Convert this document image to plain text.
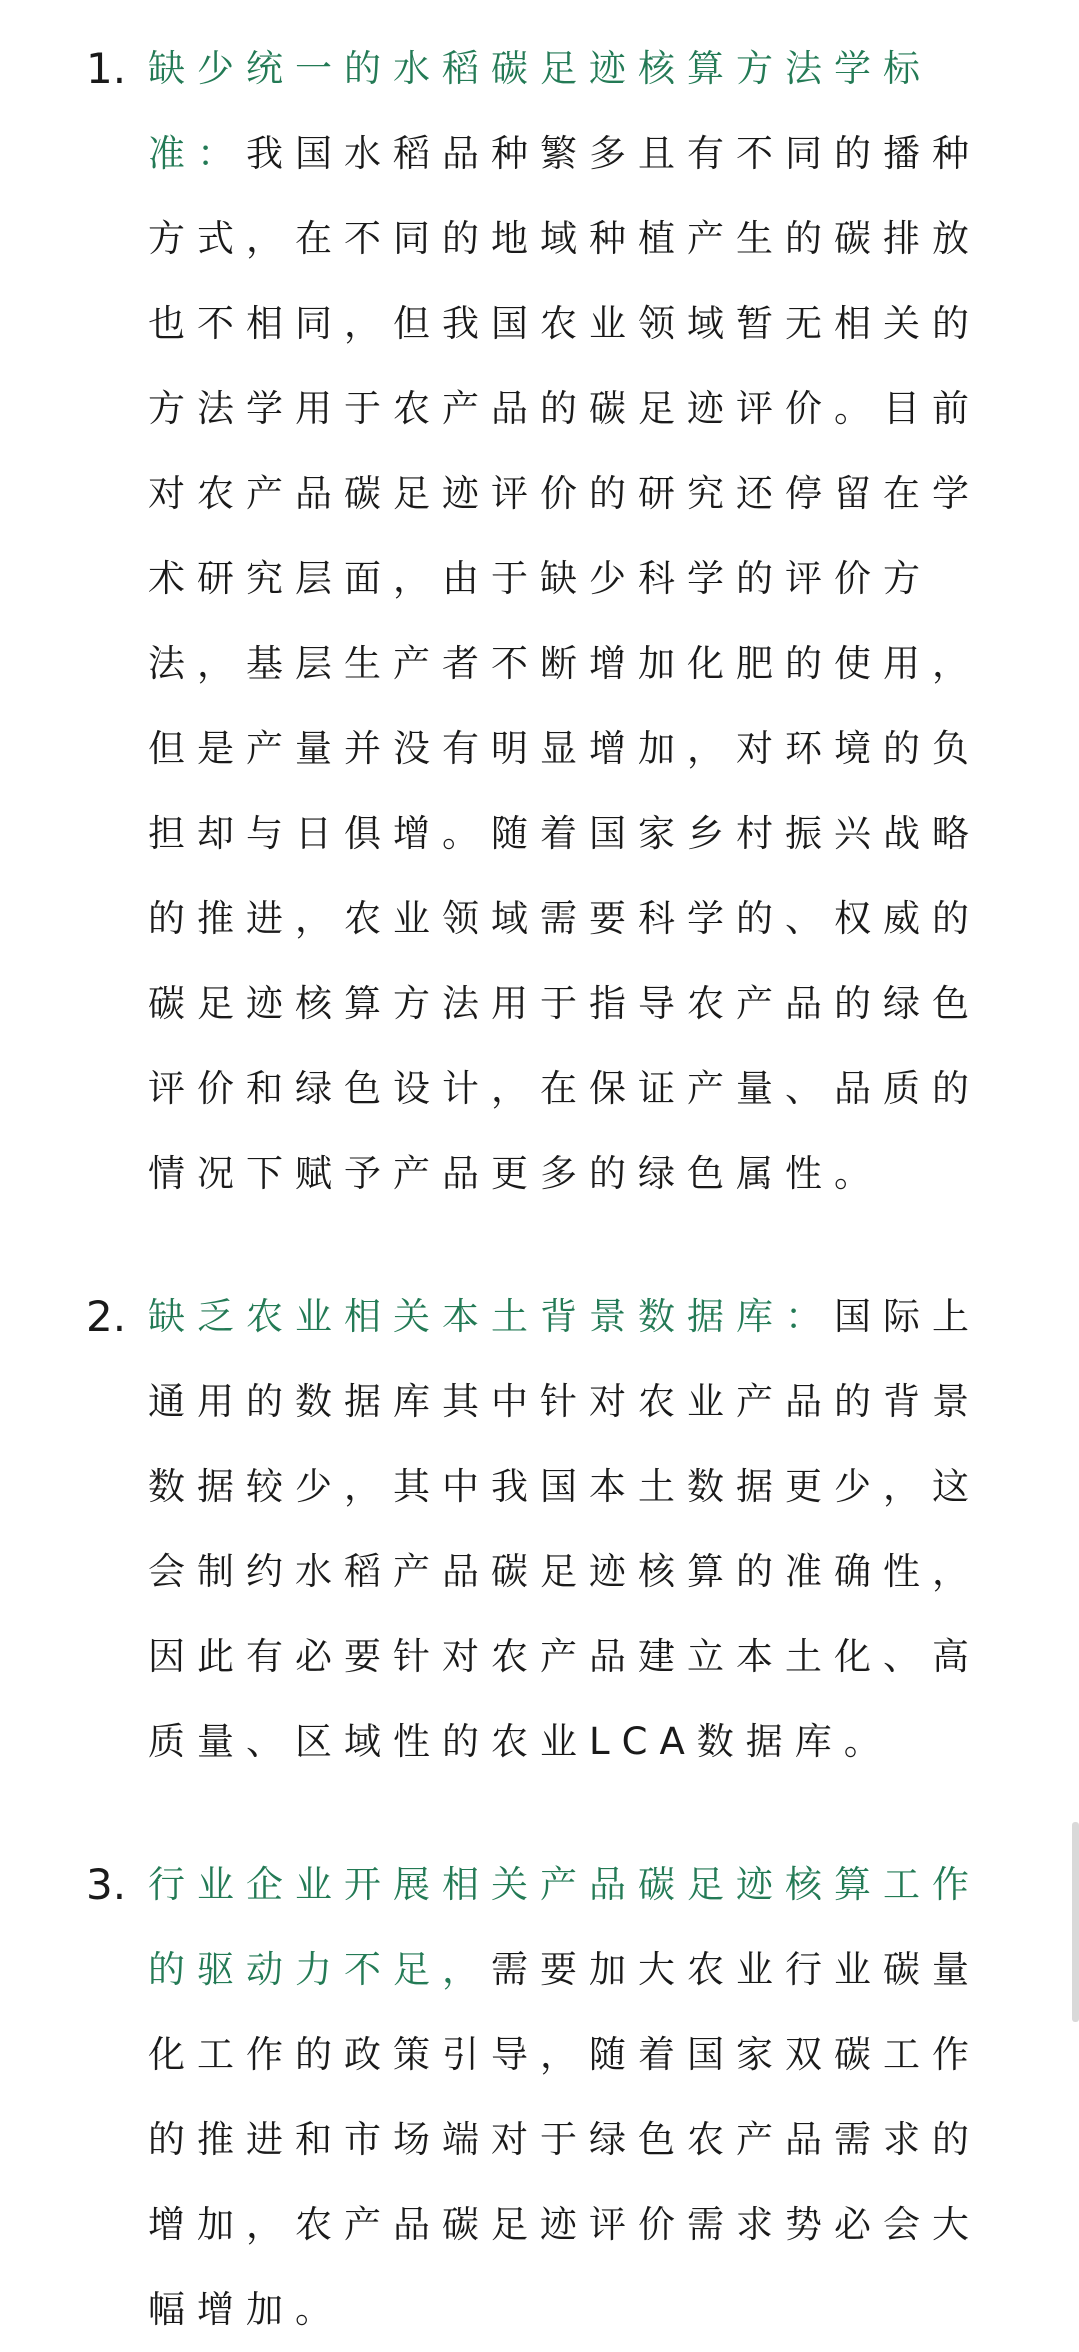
1. 缺少统一的水稻碳足迹核算方法学标准：我国水稻品种繁多且有不同的播种方式，在不同的地域种植产生的碳排放也不相同，但我国农业领域暂无相关的方法学用于农产品的碳足迹评价。目前对农产品碳足迹评价的研究还停留在学术研究层面，由于缺少科学的评价方法，基层生产者不断增加化肥的使用，但是产量并没有明显增加，对环境的负担却与日俱增。随着国家乡村振兴战略的推进，农业领域需要科学的、权威的碳足迹核算方法用于指导农产品的绿色评价和绿色设计，在保证产量、品质的情况下赋予产品更多的绿色属性。
2. 缺乏农业相关本土背景数据库：国际上通用的数据库其中针对农业产品的背景数据较少，其中我国本土数据更少，这会制约水稻产品碳足迹核算的准确性，因此有必要针对农产品建立本土化、高质量、区域性的农业LCA数据库。
3. 行业企业开展相关产品碳足迹核算工作的驱动力不足，需要加大农业行业碳量化工作的政策引导，随着国家双碳工作的推进和市场端对于绿色农产品需求的增加，农产品碳足迹评价需求势必会大幅增加。
